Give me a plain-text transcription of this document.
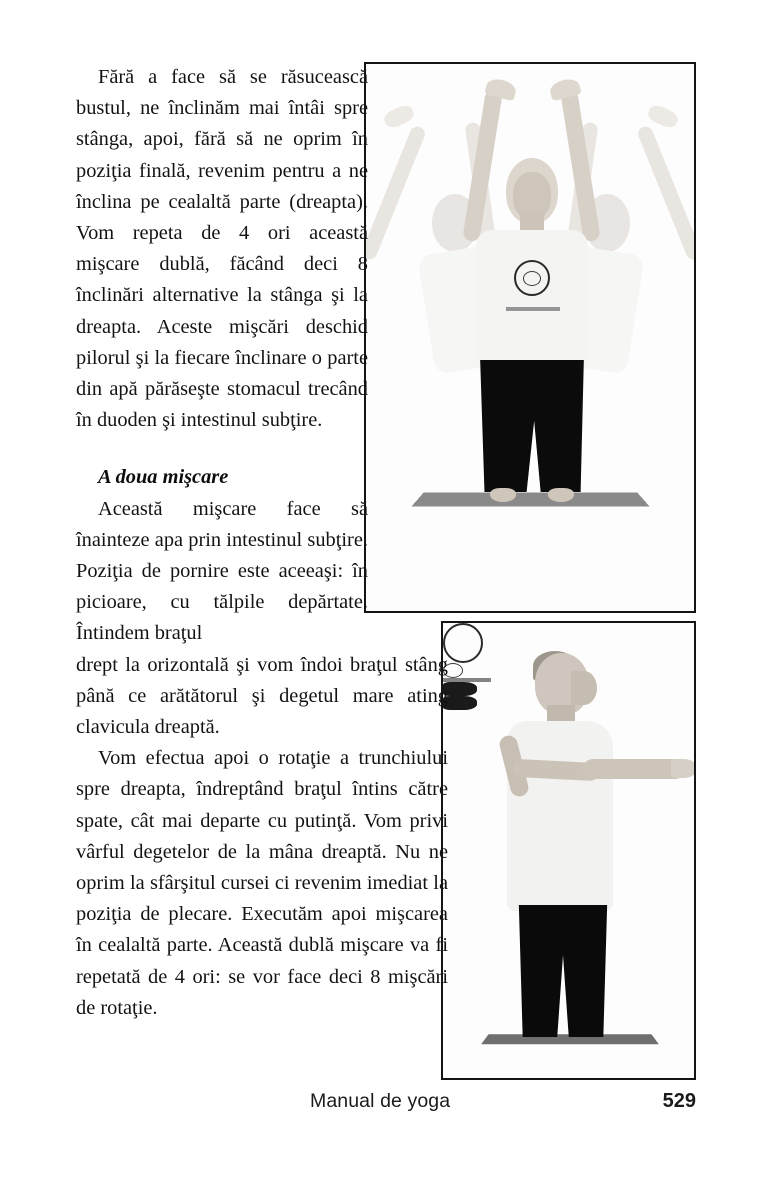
Fără a face să se răsucească bustul, ne înclinăm mai întâi spre stânga, apoi, fără să ne oprim în poziţia finală, revenim pentru a ne înclina pe cealaltă parte (dreapta). Vom repeta de 4 ori această mişcare dublă, făcând deci 8 înclinări alternative la stânga şi la dreapta. Aceste mişcări deschid pilorul şi la fiecare înclinare o parte din apă părăseşte stomacul trecând în duoden şi intestinul subţire.

A doua mişcare

Această mişcare face să înainteze apa prin intestinul subţire. Poziţia de pornire este aceeaşi: în picioare, cu tălpile depărtate. Întindem braţul

drept la orizontală şi vom îndoi braţul stâng până ce arătătorul şi degetul mare ating clavicula dreaptă.

Vom efectua apoi o rotaţie a trunchiului spre dreapta, îndreptând braţul întins către spate, cât mai departe cu putinţă. Vom privi vârful degetelor de la mâna dreaptă. Nu ne oprim la sfârşitul cursei ci revenim imediat la poziţia de plecare. Executăm apoi mişcarea în cealaltă parte. Această dublă mişcare va fi repetată de 4 ori: se vor face deci 8 mişcări de rotaţie.

Manual de yoga	529
